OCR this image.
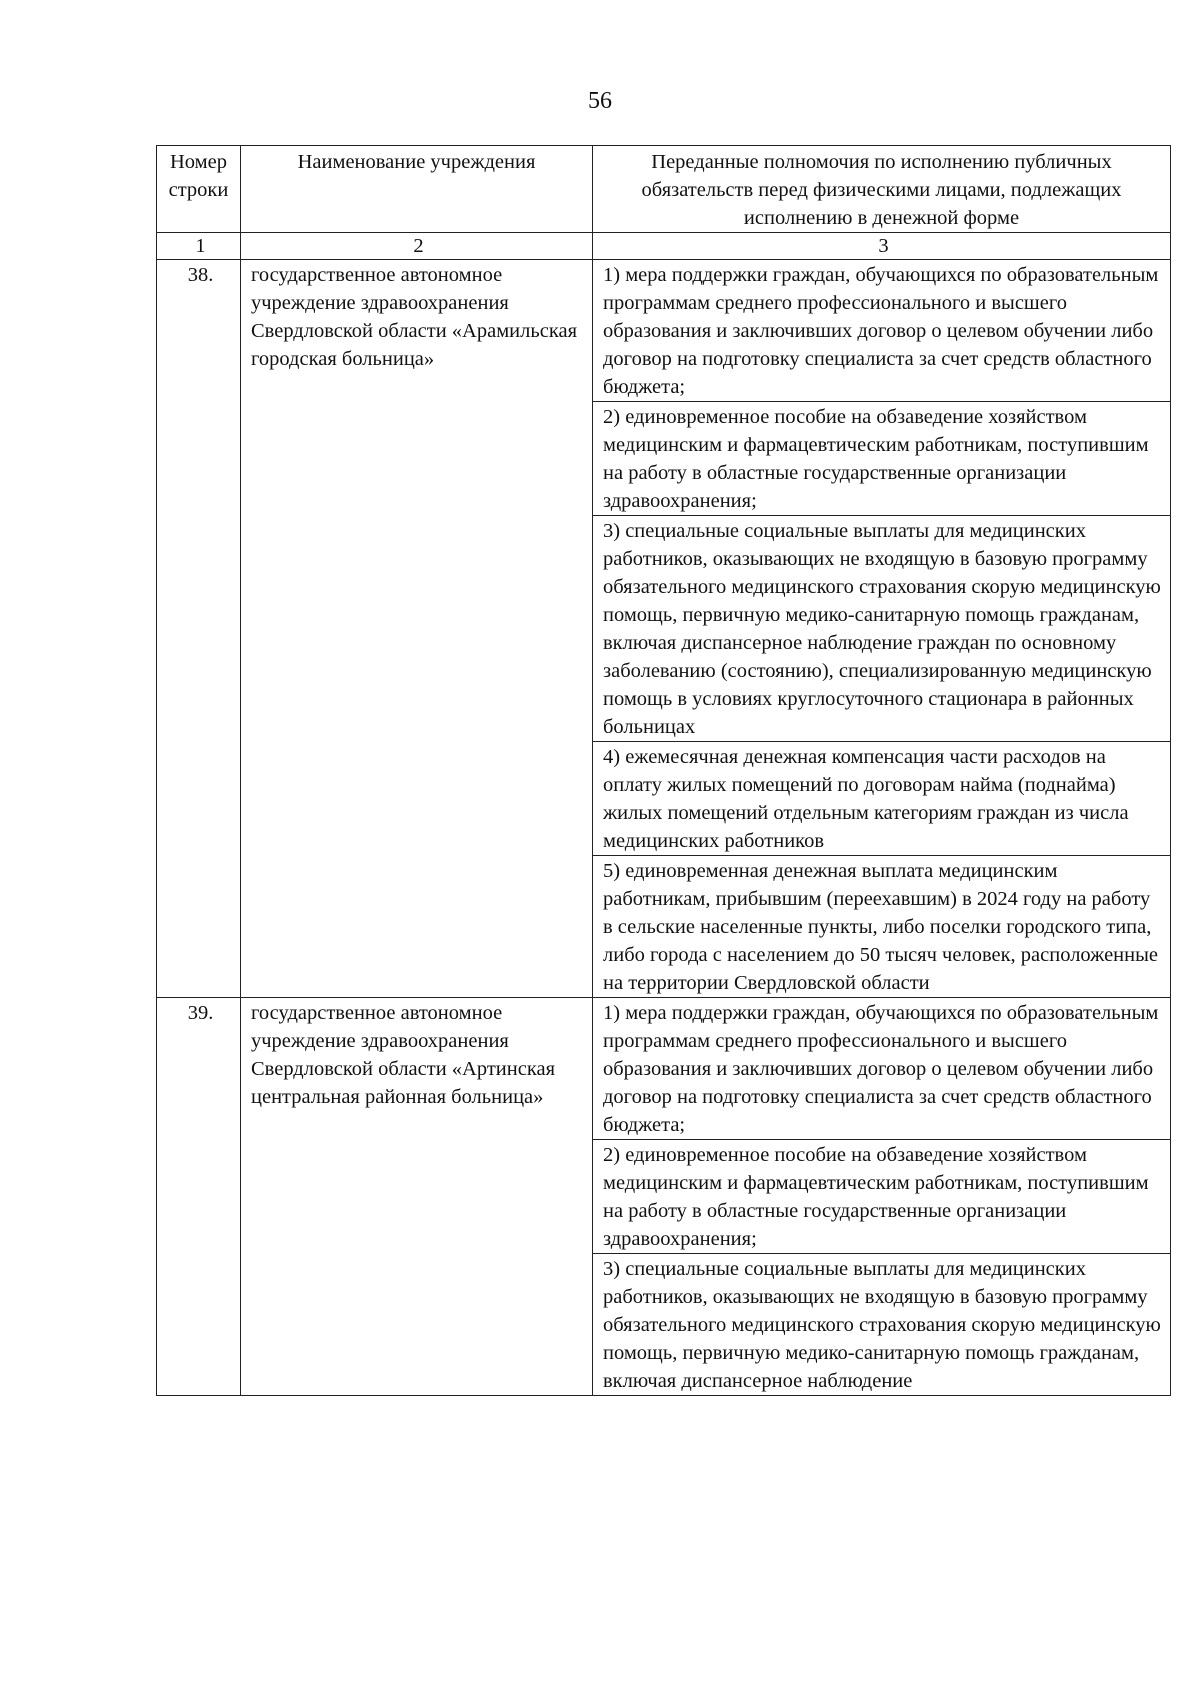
56
Номер строки	Наименование учреждения	Переданные полномочия по исполнению публичных обязательств перед физическими лицами, подлежащих исполнению в денежной форме
1	2	3
38.	государственное автономное учреждение здравоохранения Свердловской области «Арамильская городская больница»	1) мера поддержки граждан, обучающихся по образовательным программам среднего профессионального и высшего образования и заключивших договор о целевом обучении либо договор на подготовку специалиста за счет средств областного бюджета;
		2) единовременное пособие на обзаведение хозяйством медицинским и фармацевтическим работникам, поступившим на работу в областные государственные организации здравоохранения;
		3) специальные социальные выплаты для медицинских работников, оказывающих не входящую в базовую программу обязательного медицинского страхования скорую медицинскую помощь, первичную медико-санитарную помощь гражданам, включая диспансерное наблюдение граждан по основному заболеванию (состоянию), специализированную медицинскую помощь в условиях круглосуточного стационара в районных больницах
		4) ежемесячная денежная компенсация части расходов на оплату жилых помещений по договорам найма (поднайма) жилых помещений отдельным категориям граждан из числа медицинских работников
		5) единовременная денежная выплата медицинским работникам, прибывшим (переехавшим) в 2024 году на работу в сельские населенные пункты, либо поселки городского типа, либо города с населением до 50 тысяч человек, расположенные на территории Свердловской области
39.	государственное автономное учреждение здравоохранения Свердловской области «Артинская центральная районная больница»	1) мера поддержки граждан, обучающихся по образовательным программам среднего профессионального и высшего образования и заключивших договор о целевом обучении либо договор на подготовку специалиста за счет средств областного бюджета;
		2) единовременное пособие на обзаведение хозяйством медицинским и фармацевтическим работникам, поступившим на работу в областные государственные организации здравоохранения;
		3) специальные социальные выплаты для медицинских работников, оказывающих не входящую в базовую программу обязательного медицинского страхования скорую медицинскую помощь, первичную медико-санитарную помощь гражданам, включая диспансерное наблюдение
